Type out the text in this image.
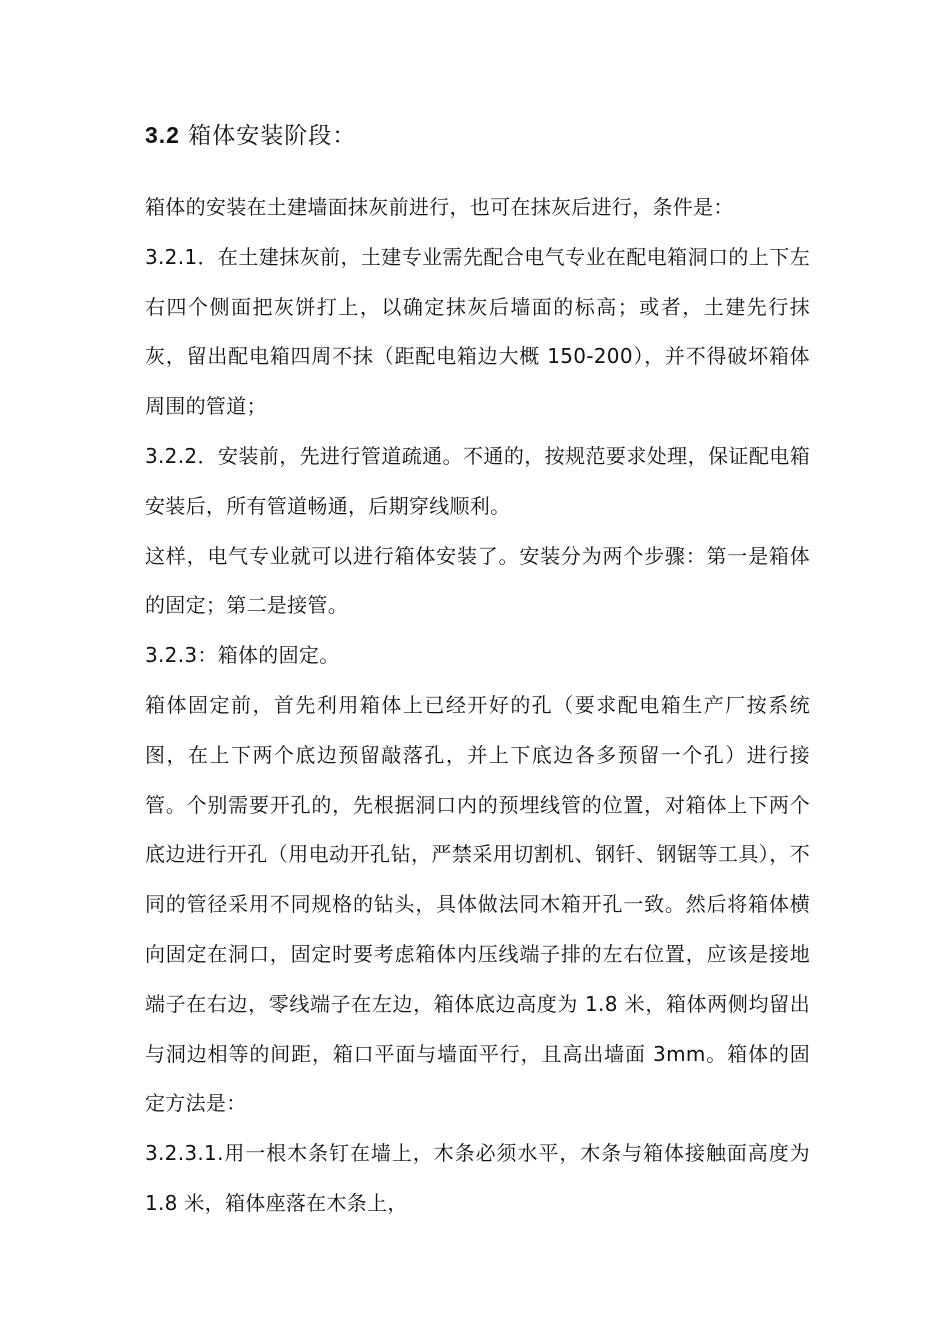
3.2 箱体安装阶段：

箱体的安装在土建墙面抹灰前进行，也可在抹灰后进行，条件是：

3.2.1．在土建抹灰前，土建专业需先配合电气专业在配电箱洞口的上下左右四个侧面把灰饼打上，以确定抹灰后墙面的标高；或者，土建先行抹灰，留出配电箱四周不抹（距配电箱边大概 150-200），并不得破坏箱体周围的管道；

3.2.2．安装前，先进行管道疏通。不通的，按规范要求处理，保证配电箱安装后，所有管道畅通，后期穿线顺利。

这样，电气专业就可以进行箱体安装了。安装分为两个步骤：第一是箱体的固定；第二是接管。

3.2.3：箱体的固定。

箱体固定前，首先利用箱体上已经开好的孔（要求配电箱生产厂按系统图，在上下两个底边预留敲落孔，并上下底边各多预留一个孔）进行接管。个别需要开孔的，先根据洞口内的预埋线管的位置，对箱体上下两个底边进行开孔（用电动开孔钻，严禁采用切割机、钢钎、钢锯等工具），不同的管径采用不同规格的钻头，具体做法同木箱开孔一致。然后将箱体横向固定在洞口，固定时要考虑箱体内压线端子排的左右位置，应该是接地端子在右边，零线端子在左边，箱体底边高度为 1.8 米，箱体两侧均留出与洞边相等的间距，箱口平面与墙面平行，且高出墙面 3mm。箱体的固定方法是：

3.2.3.1.用一根木条钉在墙上，木条必须水平，木条与箱体接触面高度为 1.8 米，箱体座落在木条上，
